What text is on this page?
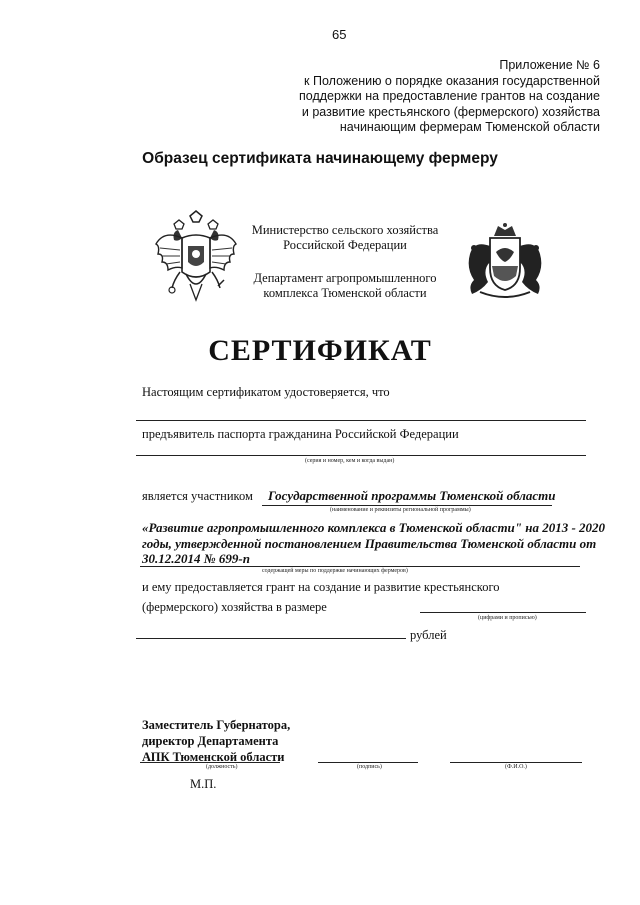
65
Приложение № 6
к Положению о порядке оказания государственной
поддержки на предоставление грантов на создание
и развитие крестьянского (фермерского) хозяйства
начинающим фермерам Тюменской области
Образец сертификата начинающему фермеру
Министерство сельского хозяйства
Российской Федерации
Департамент агропромышленного
комплекса Тюменской области
СЕРТИФИКАТ
Настоящим сертификатом удостоверяется, что
предъявитель паспорта гражданина Российской Федерации
(серия и номер, кем и когда выдан)
является участником Государственной программы Тюменской области
(наименование и реквизиты региональной программы)
«Развитие агропромышленного комплекса в Тюменской области" на 2013 - 2020
годы, утвержденной постановлением Правительства Тюменской области от
30.12.2014 № 699-п
содержащей меры по поддержке начинающих фермеров)
и ему предоставляется грант на создание и развитие крестьянского
(фермерского) хозяйства в размере
(цифрами и прописью)
рублей
Заместитель Губернатора,
директор Департамента
АПК Тюменской области
(должность)	(подпись)	(Ф.И.О.)
М.П.
